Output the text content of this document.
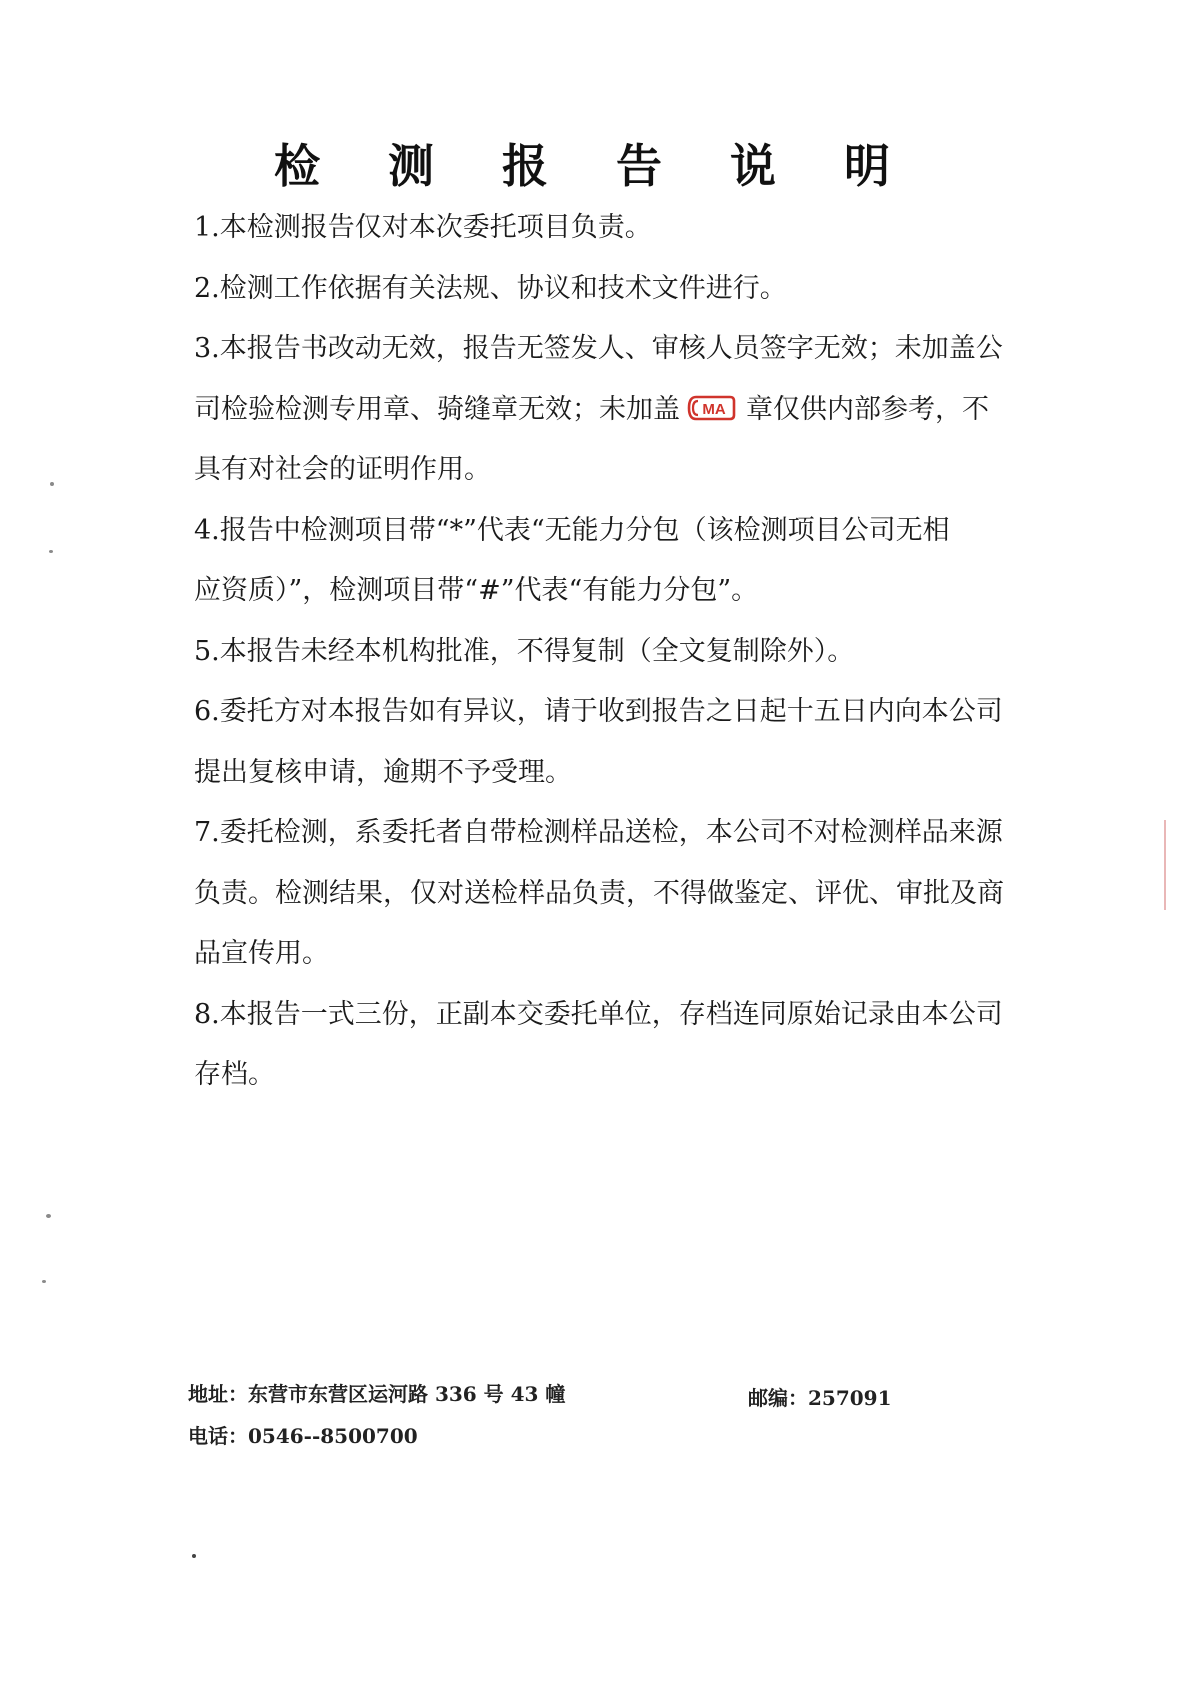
检 测 报 告 说 明

1.本检测报告仅对本次委托项目负责。

2.检测工作依据有关法规、协议和技术文件进行。

3.本报告书改动无效，报告无签发人、审核人员签字无效；未加盖公
司检验检测专用章、骑缝章无效；未加盖 MA 章仅供内部参考，不
具有对社会的证明作用。

4.报告中检测项目带“*”代表“无能力分包（该检测项目公司无相
应资质）”，检测项目带“#”代表“有能力分包”。

5.本报告未经本机构批准，不得复制（全文复制除外）。

6.委托方对本报告如有异议，请于收到报告之日起十五日内向本公司
提出复核申请，逾期不予受理。

7.委托检测，系委托者自带检测样品送检，本公司不对检测样品来源
负责。检测结果，仅对送检样品负责，不得做鉴定、评优、审批及商
品宣传用。

8.本报告一式三份，正副本交委托单位，存档连同原始记录由本公司
存档。

地址：东营市东营区运河路 336 号 43 幢	邮编：257091
电话：0546--8500700
